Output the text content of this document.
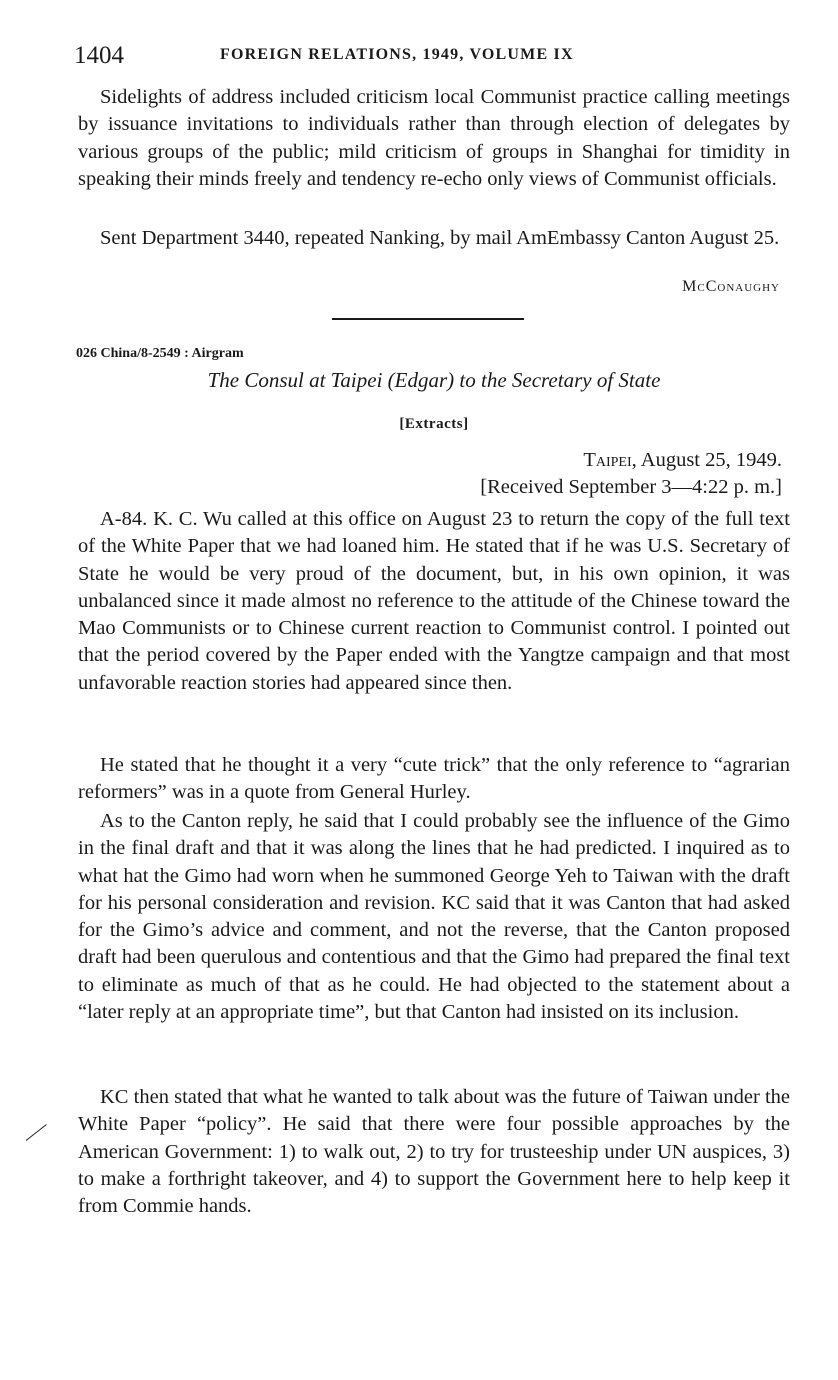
1404	FOREIGN RELATIONS, 1949, VOLUME IX

Sidelights of address included criticism local Communist practice calling meetings by issuance invitations to individuals rather than through election of delegates by various groups of the public; mild criticism of groups in Shanghai for timidity in speaking their minds freely and tendency re-echo only views of Communist officials.

Sent Department 3440, repeated Nanking, by mail AmEmbassy Canton August 25.

McConaughy
026 China/8-2549 : Airgram
The Consul at Taipei (Edgar) to the Secretary of State
[Extracts]
Taipei, August 25, 1949.
[Received September 3—4:22 p. m.]

A-84. K. C. Wu called at this office on August 23 to return the copy of the full text of the White Paper that we had loaned him. He stated that if he was U.S. Secretary of State he would be very proud of the document, but, in his own opinion, it was unbalanced since it made almost no reference to the attitude of the Chinese toward the Mao Communists or to Chinese current reaction to Communist control. I pointed out that the period covered by the Paper ended with the Yangtze campaign and that most unfavorable reaction stories had appeared since then.

He stated that he thought it a very “cute trick” that the only reference to “agrarian reformers” was in a quote from General Hurley.

As to the Canton reply, he said that I could probably see the influence of the Gimo in the final draft and that it was along the lines that he had predicted. I inquired as to what hat the Gimo had worn when he summoned George Yeh to Taiwan with the draft for his personal consideration and revision. KC said that it was Canton that had asked for the Gimo’s advice and comment, and not the reverse, that the Canton proposed draft had been querulous and contentious and that the Gimo had prepared the final text to eliminate as much of that as he could. He had objected to the statement about a “later reply at an appropriate time”, but that Canton had insisted on its inclusion.

KC then stated that what he wanted to talk about was the future of Taiwan under the White Paper “policy”. He said that there were four possible approaches by the American Government: 1) to walk out, 2) to try for trusteeship under UN auspices, 3) to make a forthright takeover, and 4) to support the Government here to help keep it from Commie hands.
